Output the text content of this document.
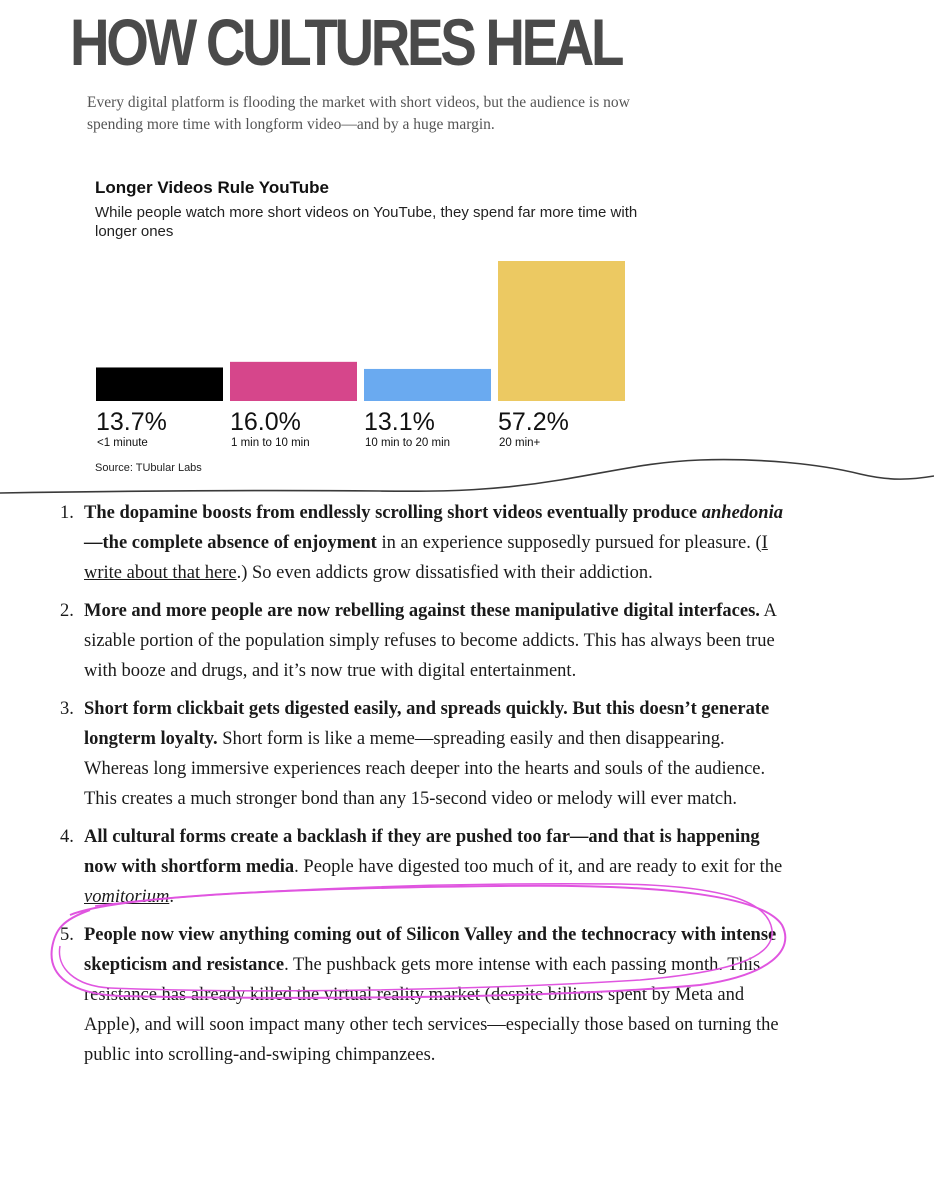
HOW CULTURES HEAL

Every digital platform is flooding the market with short videos, but the audience is now spending more time with longform video—and by a huge margin.

Longer Videos Rule YouTube

While people watch more short videos on YouTube, they spend far more time with longer ones

13.7%
<1 minute
16.0%
1 min to 10 min
13.1%
10 min to 20 min
57.2%
20 min+

Source: TUbular Labs

1. The dopamine boosts from endlessly scrolling short videos eventually produce anhedonia—the complete absence of enjoyment in an experience supposedly pursued for pleasure. (I write about that here.) So even addicts grow dissatisfied with their addiction.
2. More and more people are now rebelling against these manipulative digital interfaces. A sizable portion of the population simply refuses to become addicts. This has always been true with booze and drugs, and it’s now true with digital entertainment.
3. Short form clickbait gets digested easily, and spreads quickly. But this doesn’t generate longterm loyalty. Short form is like a meme—spreading easily and then disappearing. Whereas long immersive experiences reach deeper into the hearts and souls of the audience. This creates a much stronger bond than any 15-second video or melody will ever match.
4. All cultural forms create a backlash if they are pushed too far—and that is happening now with shortform media. People have digested too much of it, and are ready to exit for the vomitorium.
5. People now view anything coming out of Silicon Valley and the technocracy with intense skepticism and resistance. The pushback gets more intense with each passing month. This resistance has already killed the virtual reality market (despite billions spent by Meta and Apple), and will soon impact many other tech services—especially those based on turning the public into scrolling-and-swiping chimpanzees.
